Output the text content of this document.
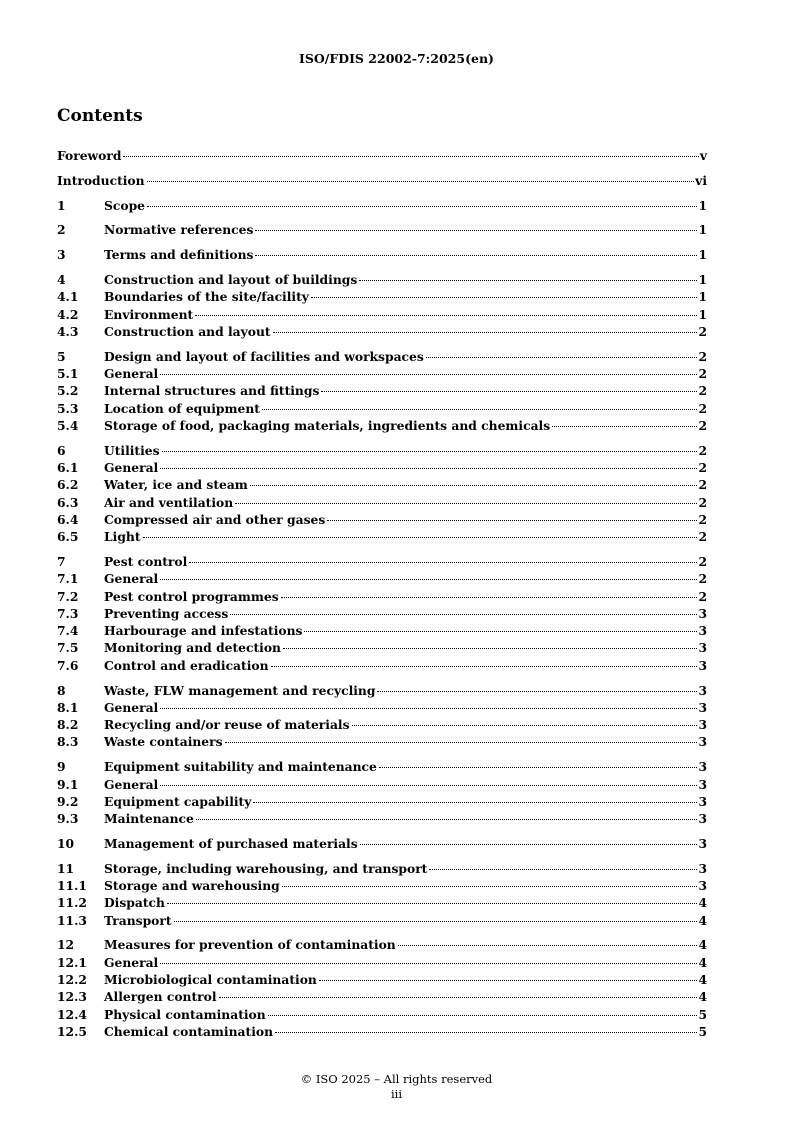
ISO/FDIS 22002-7:2025(en)
Contents
Foreword	v
Introduction	vi
1	Scope	1
2	Normative references	1
3	Terms and definitions	1
4	Construction and layout of buildings	1
4.1	Boundaries of the site/facility	1
4.2	Environment	1
4.3	Construction and layout	2
5	Design and layout of facilities and workspaces	2
5.1	General	2
5.2	Internal structures and fittings	2
5.3	Location of equipment	2
5.4	Storage of food, packaging materials, ingredients and chemicals	2
6	Utilities	2
6.1	General	2
6.2	Water, ice and steam	2
6.3	Air and ventilation	2
6.4	Compressed air and other gases	2
6.5	Light	2
7	Pest control	2
7.1	General	2
7.2	Pest control programmes	2
7.3	Preventing access	3
7.4	Harbourage and infestations	3
7.5	Monitoring and detection	3
7.6	Control and eradication	3
8	Waste, FLW management and recycling	3
8.1	General	3
8.2	Recycling and/or reuse of materials	3
8.3	Waste containers	3
9	Equipment suitability and maintenance	3
9.1	General	3
9.2	Equipment capability	3
9.3	Maintenance	3
10	Management of purchased materials	3
11	Storage, including warehousing, and transport	3
11.1	Storage and warehousing	3
11.2	Dispatch	4
11.3	Transport	4
12	Measures for prevention of contamination	4
12.1	General	4
12.2	Microbiological contamination	4
12.3	Allergen control	4
12.4	Physical contamination	5
12.5	Chemical contamination	5
© ISO 2025 – All rights reserved
iii
